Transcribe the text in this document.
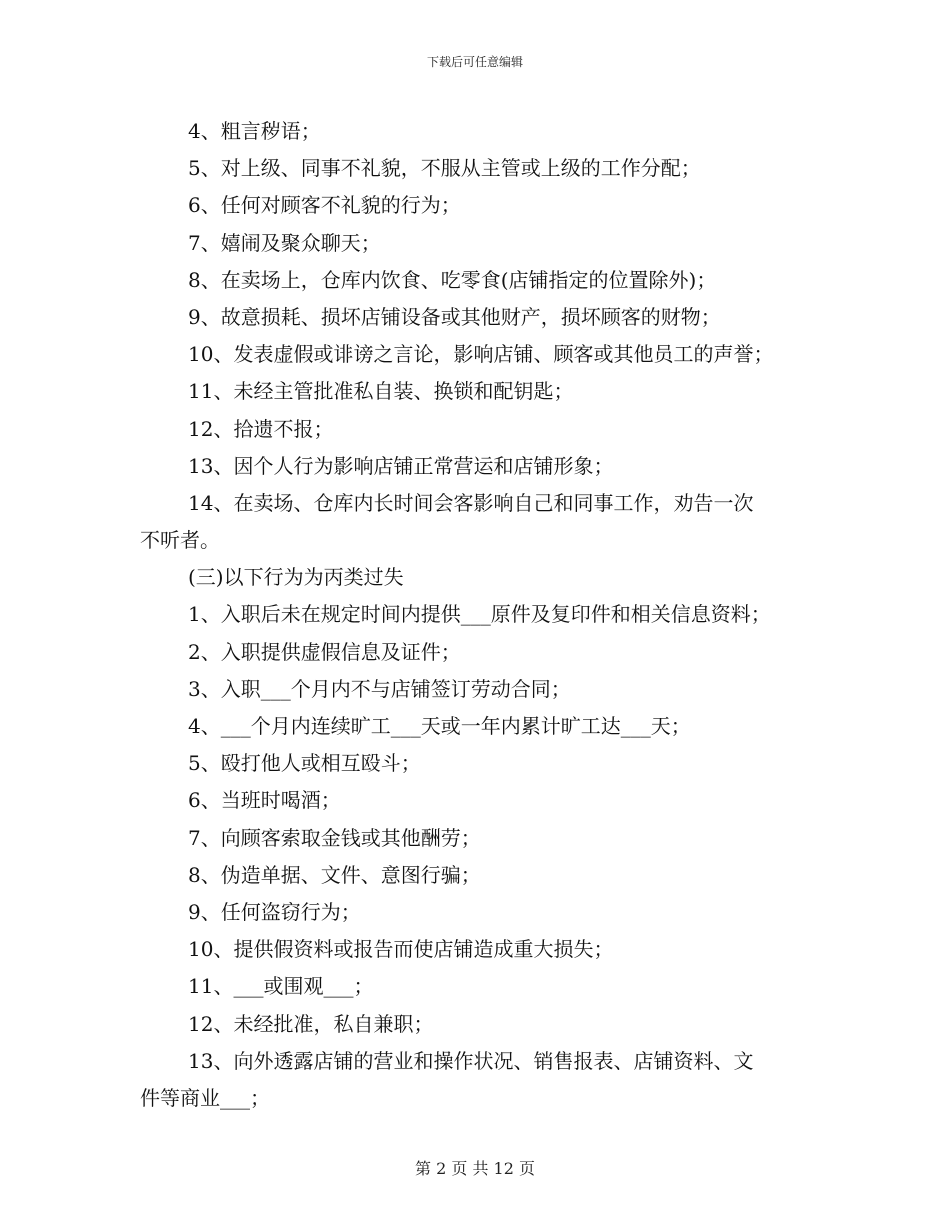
下载后可任意编辑
4、粗言秽语；
5、对上级、同事不礼貌，不服从主管或上级的工作分配；
6、任何对顾客不礼貌的行为；
7、嬉闹及聚众聊天；
8、在卖场上，仓库内饮食、吃零食(店铺指定的位置除外)；
9、故意损耗、损坏店铺设备或其他财产，损坏顾客的财物；
10、发表虚假或诽谤之言论，影响店铺、顾客或其他员工的声誉；
11、未经主管批准私自装、换锁和配钥匙；
12、拾遗不报；
13、因个人行为影响店铺正常营运和店铺形象；
14、在卖场、仓库内长时间会客影响自己和同事工作，劝告一次
不听者。
(三)以下行为为丙类过失
1、入职后未在规定时间内提供___原件及复印件和相关信息资料；
2、入职提供虚假信息及证件；
3、入职___个月内不与店铺签订劳动合同；
4、___个月内连续旷工___天或一年内累计旷工达___天；
5、殴打他人或相互殴斗；
6、当班时喝酒；
7、向顾客索取金钱或其他酬劳；
8、伪造单据、文件、意图行骗；
9、任何盗窃行为；
10、提供假资料或报告而使店铺造成重大损失；
11、___或围观___；
12、未经批准，私自兼职；
13、向外透露店铺的营业和操作状况、销售报表、店铺资料、文
件等商业___；
第 2 页 共 12 页
